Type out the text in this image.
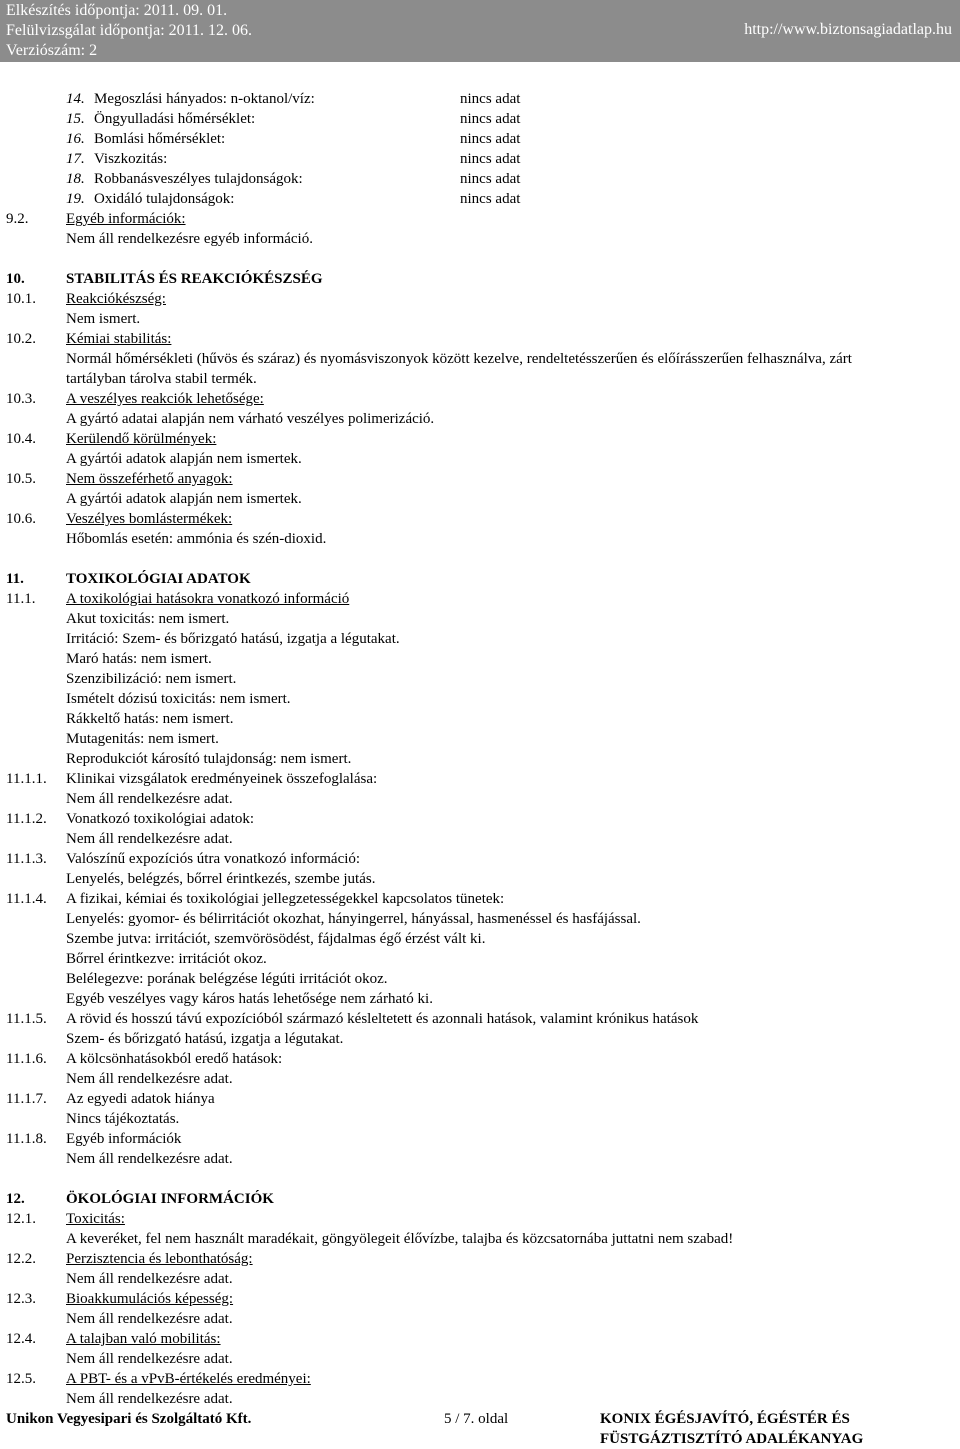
Elkészítés időpontja: 2011. 09. 01.
Felülvizsgálat időpontja: 2011. 12. 06.
Verziószám: 2
http://www.biztonsagiadatlap.hu
14. Megoszlási hányados: n-oktanol/víz:	nincs adat
15. Öngyulladási hőmérséklet:	nincs adat
16. Bomlási hőmérséklet:	nincs adat
17. Viszkozitás:	nincs adat
18. Robbanásveszélyes tulajdonságok:	nincs adat
19. Oxidáló tulajdonságok:	nincs adat
9.2.	Egyéb információk:
Nem áll rendelkezésre egyéb információ.
10.	STABILITÁS ÉS REAKCIÓKÉSZSÉG
10.1. Reakciókészség:
Nem ismert.
10.2. Kémiai stabilitás:
Normál hőmérsékleti (hűvös és száraz) és nyomásviszonyok között kezelve, rendeltetésszerűen és előírásszerűen felhasználva, zárt
tartályban tárolva stabil termék.
10.3. A veszélyes reakciók lehetősége:
A gyártó adatai alapján nem várható veszélyes polimerizáció.
10.4. Kerülendő körülmények:
A gyártói adatok alapján nem ismertek.
10.5. Nem összeférhető anyagok:
A gyártói adatok alapján nem ismertek.
10.6. Veszélyes bomlástermékek:
Hőbomlás esetén: ammónia és szén-dioxid.
11.	TOXIKOLÓGIAI ADATOK
11.1. A toxikológiai hatásokra vonatkozó információ
Akut toxicitás: nem ismert.
Irritáció: Szem- és bőrizgató hatású, izgatja a légutakat.
Maró hatás: nem ismert.
Szenzibilizáció: nem ismert.
Ismételt dózisú toxicitás: nem ismert.
Rákkeltő hatás: nem ismert.
Mutagenitás: nem ismert.
Reprodukciót károsító tulajdonság: nem ismert.
11.1.1. Klinikai vizsgálatok eredményeinek összefoglalása:
Nem áll rendelkezésre adat.
11.1.2. Vonatkozó toxikológiai adatok:
Nem áll rendelkezésre adat.
11.1.3. Valószínű expozíciós útra vonatkozó információ:
Lenyelés, belégzés, bőrrel érintkezés, szembe jutás.
11.1.4. A fizikai, kémiai és toxikológiai jellegzetességekkel kapcsolatos tünetek:
Lenyelés: gyomor- és bélirritációt okozhat, hányingerrel, hányással, hasmenéssel és hasfájással.
Szembe jutva: irritációt, szemvörösödést, fájdalmas égő érzést vált ki.
Bőrrel érintkezve: irritációt okoz.
Belélegezve: porának belégzése légúti irritációt okoz.
Egyéb veszélyes vagy káros hatás lehetősége nem zárható ki.
11.1.5. A rövid és hosszú távú expozícióból származó késleltetett és azonnali hatások, valamint krónikus hatások
Szem- és bőrizgató hatású, izgatja a légutakat.
11.1.6. A kölcsönhatásokból eredő hatások:
Nem áll rendelkezésre adat.
11.1.7. Az egyedi adatok hiánya
Nincs tájékoztatás.
11.1.8. Egyéb információk
Nem áll rendelkezésre adat.
12.	ÖKOLÓGIAI INFORMÁCIÓK
12.1. Toxicitás:
A keveréket, fel nem használt maradékait, göngyölegeit élővízbe, talajba és közcsatornába juttatni nem szabad!
12.2. Perzisztencia és lebonthatóság:
Nem áll rendelkezésre adat.
12.3. Bioakkumulációs képesség:
Nem áll rendelkezésre adat.
12.4. A talajban való mobilitás:
Nem áll rendelkezésre adat.
12.5. A PBT- és a vPvB-értékelés eredményei:
Nem áll rendelkezésre adat.
Unikon Vegyesipari és Szolgáltató Kft.	5 / 7. oldal	KONIX ÉGÉSJAVÍTÓ, ÉGÉSTÉR ÉS
FÜSTGÁZTISZTÍTÓ ADALÉKANYAG
